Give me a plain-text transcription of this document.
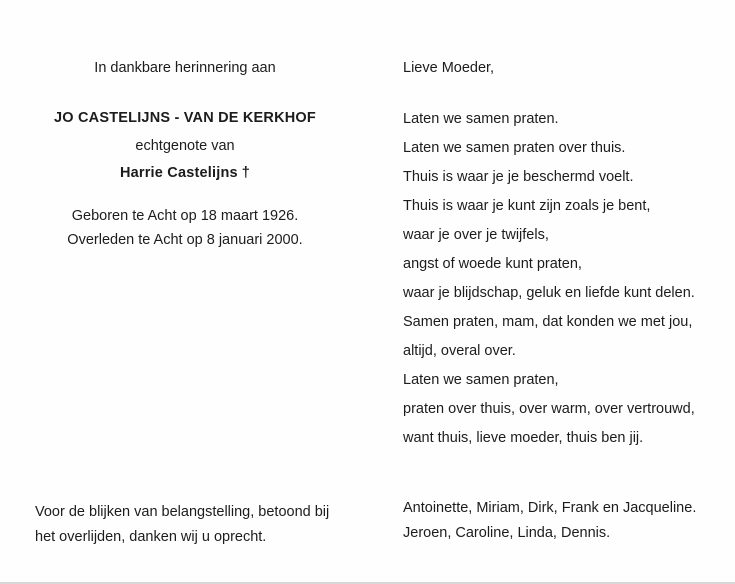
In dankbare herinnering aan
JO CASTELIJNS - VAN DE KERKHOF
echtgenote van
Harrie Castelijns †
Geboren te Acht op 18 maart 1926.
Overleden te Acht op 8 januari 2000.
Voor de blijken van belangstelling, betoond bij
het overlijden, danken wij u oprecht.
Lieve Moeder,
Laten we samen praten.
Laten we samen praten over thuis.
Thuis is waar je je beschermd voelt.
Thuis is waar je kunt zijn zoals je bent,
waar je over je twijfels,
angst of woede kunt praten,
waar je blijdschap, geluk en liefde kunt delen.
Samen praten, mam, dat konden we met jou,
altijd, overal over.
Laten we samen praten,
praten over thuis, over warm, over vertrouwd,
want thuis, lieve moeder, thuis ben jij.
Antoinette, Miriam, Dirk, Frank en Jacqueline.
Jeroen, Caroline, Linda, Dennis.
